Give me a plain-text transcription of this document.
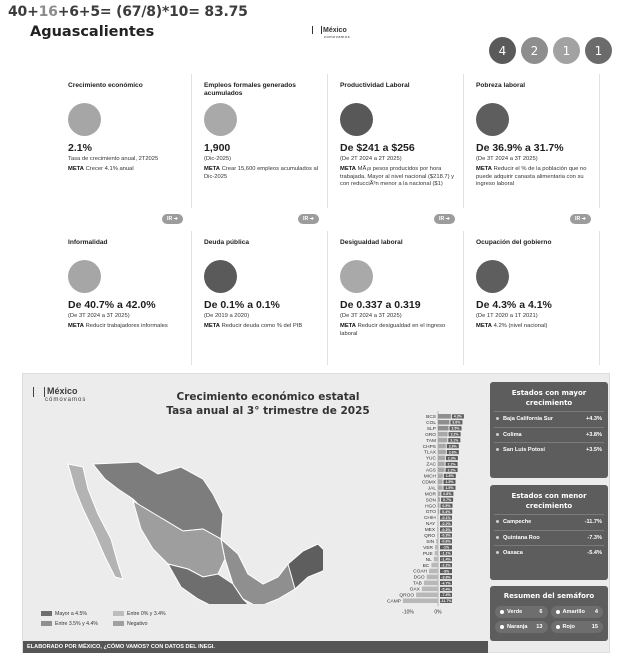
40+16+6+5= (67/8)*10= 83.75
Aguascalientes	México
cómovamos
4	2	1	1
Crecimiento económico
2.1%
Tasa de crecimiento anual, 2T2025
META Crecer 4.1% anual
IR ➔
Empleos formales generados acumulados
1,900
(Dic-2025)
META Crear 15,600 empleos acumulados al Dic-2025
IR ➔
Productividad Laboral
De $241 a $256
(De 2T 2024 a 2T 2025)
META MÃ¡s pesos producidos por hora trabajada. Mayor al nivel nacional ($218.7) y con reducciÃ³n menor a la nacional ($1)
IR ➔
Pobreza laboral
De 36.9% a 31.7%
(De 3T 2024 a 3T 2025)
META Reducir el % de la población que no puede adquirir canasta alimentaria con su ingreso laboral
IR ➔
Informalidad
De 40.7% a 42.0%
(De 3T 2024 a 3T 2025)
META Reducir trabajadores informales
Deuda pública
De 0.1% a 0.1%
(De 2019 a 2020)
META Reducir deuda como % del PIB
Desigualdad laboral
De 0.337 a 0.319
(De 3T 2024 a 3T 2025)
META Reducir desigualdad en el ingreso laboral
Ocupación del gobierno
De 4.3% a 4.1%
(De 1T 2020 a 1T 2021)
META 4.2% (nivel nacional)
México
cómovamos	Crecimiento económico estatal
Tasa anual al 3° trimestre de 2025
Mayor a 4.5%
Entre 3.5% y 4.4%
Entre 0% y 3.4%
Negativo
BCS	4.3%
COL	3.8%
SLP	3.5%
GRO	3.2%
TAM	3.1%
CHPS	2.6%
TLAX	2.6%
YUC	2.3%
ZAC	2.2%
AGS	2.2%
MICH	1.6%
CDMX	1.5%
JAL	1.5%
MOR 0.8%
SON 0.7%
HGO 0.5%
GTO 0.4%
CHIH -0.1%
NAY -0.2%
MEX -0.3%
QRO -0.3%
SIN -0.6%
VER	-1%
PUE -1.1%
NL	-1.4%
BC	-2.2%
COAH	-3%
DGO	-3.8%
TAB	-4.7%
OAX	-5.4%
QROO	-7.3%
CAMP	-11.7%
-10%	0%
ELABORADO POR MÉXICO, ¿CÓMO VAMOS? CON DATOS DEL INEGI.
Estados con mayor crecimiento
Baja California Sur	+4.3%
Colima	+3.8%
San Luis Potosí	+3.5%
Estados con menor crecimiento
Campeche	-11.7%
Quintana Roo	-7.3%
Oaxaca	-5.4%
Resumen del semáforo
Verde	6	Amarillo 4
Naranja 13	Rojo	15
